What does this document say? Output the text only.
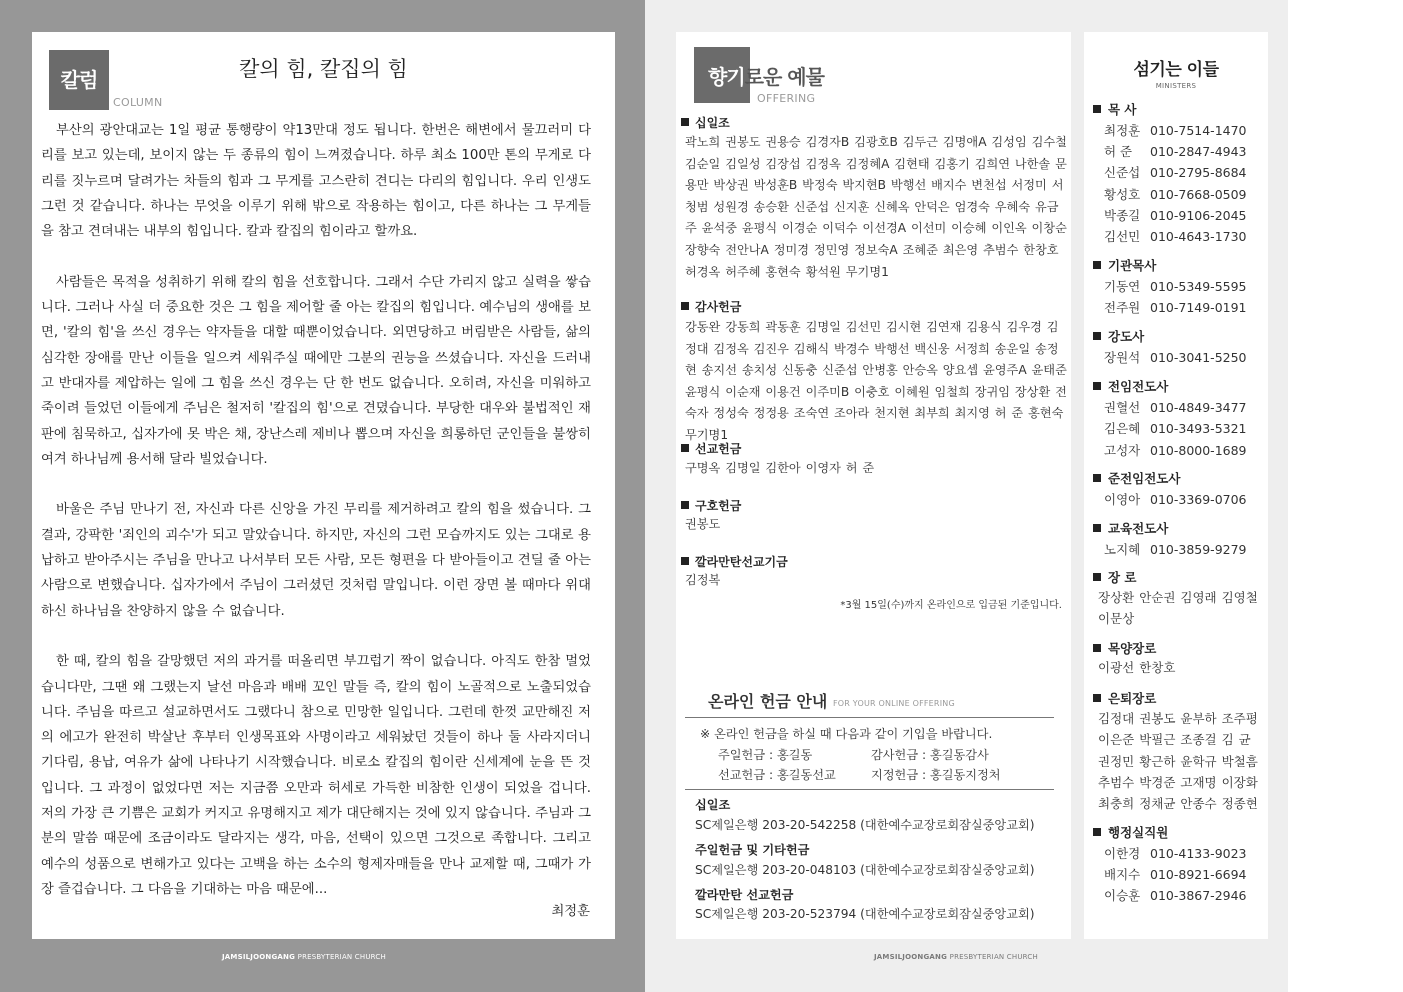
칼럼
COLUMN
칼의 힘, 칼집의 힘

부산의 광안대교는 1일 평균 통행량이 약13만대 정도 됩니다. 한번은 해변에서 물끄러미 다리를 보고 있는데, 보이지 않는 두 종류의 힘이 느껴졌습니다. 하루 최소 100만 톤의 무게로 다리를 짓누르며 달려가는 차들의 힘과 그 무게를 고스란히 견디는 다리의 힘입니다. 우리 인생도 그런 것 같습니다. 하나는 무엇을 이루기 위해 밖으로 작용하는 힘이고, 다른 하나는 그 무게들을 참고 견뎌내는 내부의 힘입니다. 칼과 칼집의 힘이라고 할까요.

사람들은 목적을 성취하기 위해 칼의 힘을 선호합니다. 그래서 수단 가리지 않고 실력을 쌓습니다. 그러나 사실 더 중요한 것은 그 힘을 제어할 줄 아는 칼집의 힘입니다. 예수님의 생애를 보면, '칼의 힘'을 쓰신 경우는 약자들을 대할 때뿐이었습니다. 외면당하고 버림받은 사람들, 삶의 심각한 장애를 만난 이들을 일으켜 세워주실 때에만 그분의 권능을 쓰셨습니다. 자신을 드러내고 반대자를 제압하는 일에 그 힘을 쓰신 경우는 단 한 번도 없습니다. 오히려, 자신을 미워하고 죽이려 들었던 이들에게 주님은 철저히 '칼집의 힘'으로 견뎠습니다. 부당한 대우와 불법적인 재판에 침묵하고, 십자가에 못 박은 채, 장난스레 제비나 뽑으며 자신을 희롱하던 군인들을 불쌍히 여겨 하나님께 용서해 달라 빌었습니다.

바울은 주님 만나기 전, 자신과 다른 신앙을 가진 무리를 제거하려고 칼의 힘을 썼습니다. 그 결과, 강팍한 '죄인의 괴수'가 되고 말았습니다. 하지만, 자신의 그런 모습까지도 있는 그대로 용납하고 받아주시는 주님을 만나고 나서부터 모든 사람, 모든 형편을 다 받아들이고 견딜 줄 아는 사람으로 변했습니다. 십자가에서 주님이 그러셨던 것처럼 말입니다. 이런 장면 볼 때마다 위대하신 하나님을 찬양하지 않을 수 없습니다.

한 때, 칼의 힘을 갈망했던 저의 과거를 떠올리면 부끄럽기 짝이 없습니다. 아직도 한참 멀었습니다만, 그땐 왜 그랬는지 날선 마음과 배배 꼬인 말들 즉, 칼의 힘이 노골적으로 노출되었습니다. 주님을 따르고 설교하면서도 그랬다니 참으로 민망한 일입니다. 그런데 한껏 교만해진 저의 에고가 완전히 박살난 후부터 인생목표와 사명이라고 세워놨던 것들이 하나 둘 사라지더니 기다림, 용납, 여유가 삶에 나타나기 시작했습니다. 비로소 칼집의 힘이란 신세계에 눈을 뜬 것입니다. 그 과정이 없었다면 저는 지금쯤 오만과 허세로 가득한 비참한 인생이 되었을 겁니다. 저의 가장 큰 기쁨은 교회가 커지고 유명해지고 제가 대단해지는 것에 있지 않습니다. 주님과 그분의 말씀 때문에 조금이라도 달라지는 생각, 마음, 선택이 있으면 그것으로 족합니다. 그리고 예수의 성품으로 변해가고 있다는 고백을 하는 소수의 형제자매들을 만나 교제할 때, 그때가 가장 즐겁습니다. 그 다음을 기대하는 마음 때문에...

최정훈
JAMSILJOONGANG PRESBYTERIAN CHURCH
향기로운 예물
OFFERING
십일조
곽노희 권봉도 권용승 김경자B 김광호B 김두근 김명애A 김성임 김수철 김순일 김일성 김장섭 김정옥 김정혜A 김현태 김홍기 김희연 나한솔 문용만 박상권 박성훈B 박정숙 박지현B 박행선 배지수 변천섭 서정미 서청범 성원경 송승환 신준섭 신지훈 신혜옥 안덕은 엄경숙 우혜숙 유금주 윤석중 윤평식 이경순 이덕수 이선경A 이선미 이승혜 이인옥 이창순 장향숙 전안나A 정미경 정민영 정보숙A 조혜준 최은영 추범수 한창호 허경옥 허주혜 홍현숙 황석원 무기명1
감사헌금
강동완 강동희 곽동훈 김명일 김선민 김시현 김연재 김용식 김우경 김정대 김정옥 김진우 김해식 박경수 박행선 백신웅 서정희 송운일 송정현 송지선 송치성 신동충 신준섭 안병홍 안승옥 양요셉 윤영주A 윤태준 윤평식 이순재 이용건 이주미B 이충호 이혜원 임철희 장귀임 장상환 전숙자 정성숙 정정용 조숙연 조아라 천지현 최부희 최지영 허 준 홍현숙 무기명1
선교헌금
구명옥 김명일 김한아 이영자 허 준
구호헌금
권봉도
깔라만탄선교기금
김정복
*3월 15일(수)까지 온라인으로 입금된 기준입니다.
온라인 헌금 안내 FOR YOUR ONLINE OFFERING
※ 온라인 헌금을 하실 때 다음과 같이 기입을 바랍니다.
주일헌금 : 홍길동	감사헌금 : 홍길동감사
선교헌금 : 홍길동선교	지정헌금 : 홍길동지정처
십일조
SC제일은행 203-20-542258 (대한예수교장로회잠실중앙교회)
주일헌금 및 기타헌금
SC제일은행 203-20-048103 (대한예수교장로회잠실중앙교회)
깔라만탄 선교헌금
SC제일은행 203-20-523794 (대한예수교장로회잠실중앙교회)
섬기는 이들
MINISTERS
목 사
최정훈 010-7514-1470
허 준 010-2847-4943
신준섭 010-2795-8684
황성호 010-7668-0509
박종길 010-9106-2045
김선민 010-4643-1730
기관목사
기동연 010-5349-5595
전주원 010-7149-0191
강도사
장원석 010-3041-5250
전임전도사
권혈선 010-4849-3477
김은혜 010-3493-5321
고성자 010-8000-1689
준전임전도사
이영아 010-3369-0706
교육전도사
노지혜 010-3859-9279
장 로
장상환 안순권 김영래 김영철 이문상
목양장로
이광선 한창호
은퇴장로
김정대 권봉도 윤부하 조주평 이은준 박필근 조종걸 김 균 권정민 황근하 윤학규 박철흠 추범수 박경준 고재명 이장화 최충희 정채균 안종수 정종현
행정실직원
이한경 010-4133-9023
배지수 010-8921-6694
이승훈 010-3867-2946
JAMSILJOONGANG PRESBYTERIAN CHURCH
